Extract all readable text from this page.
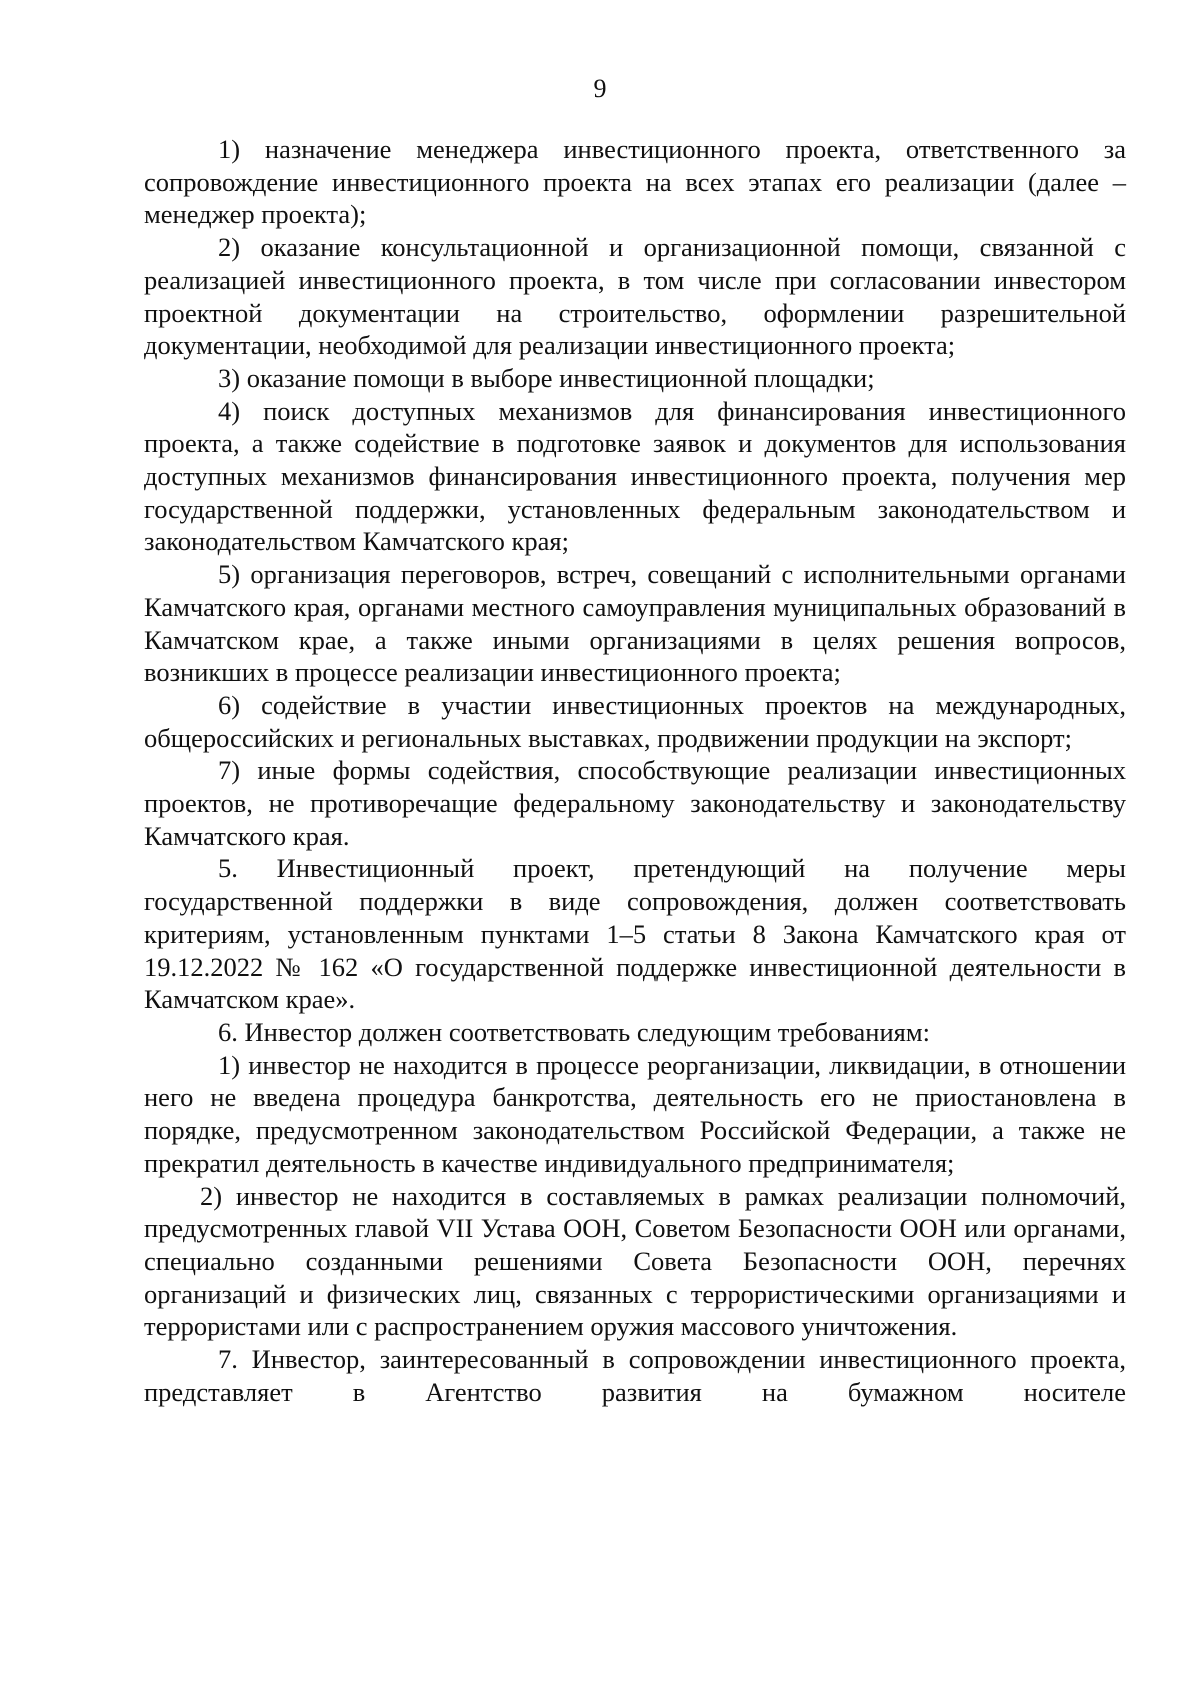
9

1) назначение менеджера инвестиционного проекта, ответственного за сопровождение инвестиционного проекта на всех этапах его реализации (далее – менеджер проекта);

2) оказание консультационной и организационной помощи, связанной с реализацией инвестиционного проекта, в том числе при согласовании инвестором проектной документации на строительство, оформлении разрешительной документации, необходимой для реализации инвестиционного проекта;

3) оказание помощи в выборе инвестиционной площадки;

4) поиск доступных механизмов для финансирования инвестиционного проекта, а также содействие в подготовке заявок и документов для использования доступных механизмов финансирования инвестиционного проекта, получения мер государственной поддержки, установленных федеральным законодательством и законодательством Камчатского края;

5) организация переговоров, встреч, совещаний с исполнительными органами Камчатского края, органами местного самоуправления муниципальных образований в Камчатском крае, а также иными организациями в целях решения вопросов, возникших в процессе реализации инвестиционного проекта;

6) содействие в участии инвестиционных проектов на международных, общероссийских и региональных выставках, продвижении продукции на экспорт;

7) иные формы содействия, способствующие реализации инвестиционных проектов, не противоречащие федеральному законодательству и законодательству Камчатского края.

5. Инвестиционный проект, претендующий на получение меры государственной поддержки в виде сопровождения, должен соответствовать критериям, установленным пунктами 1–5 статьи 8 Закона Камчатского края от 19.12.2022 № 162 «О государственной поддержке инвестиционной деятельности в Камчатском крае».

6. Инвестор должен соответствовать следующим требованиям:

1) инвестор не находится в процессе реорганизации, ликвидации, в отношении него не введена процедура банкротства, деятельность его не приостановлена в порядке, предусмотренном законодательством Российской Федерации, а также не прекратил деятельность в качестве индивидуального предпринимателя;

2) инвестор не находится в составляемых в рамках реализации полномочий, предусмотренных главой VII Устава ООН, Советом Безопасности ООН или органами, специально созданными решениями Совета Безопасности ООН, перечнях организаций и физических лиц, связанных с террористическими организациями и террористами или с распространением оружия массового уничтожения.

7. Инвестор, заинтересованный в сопровождении инвестиционного проекта, представляет в Агентство развития на бумажном носителе
